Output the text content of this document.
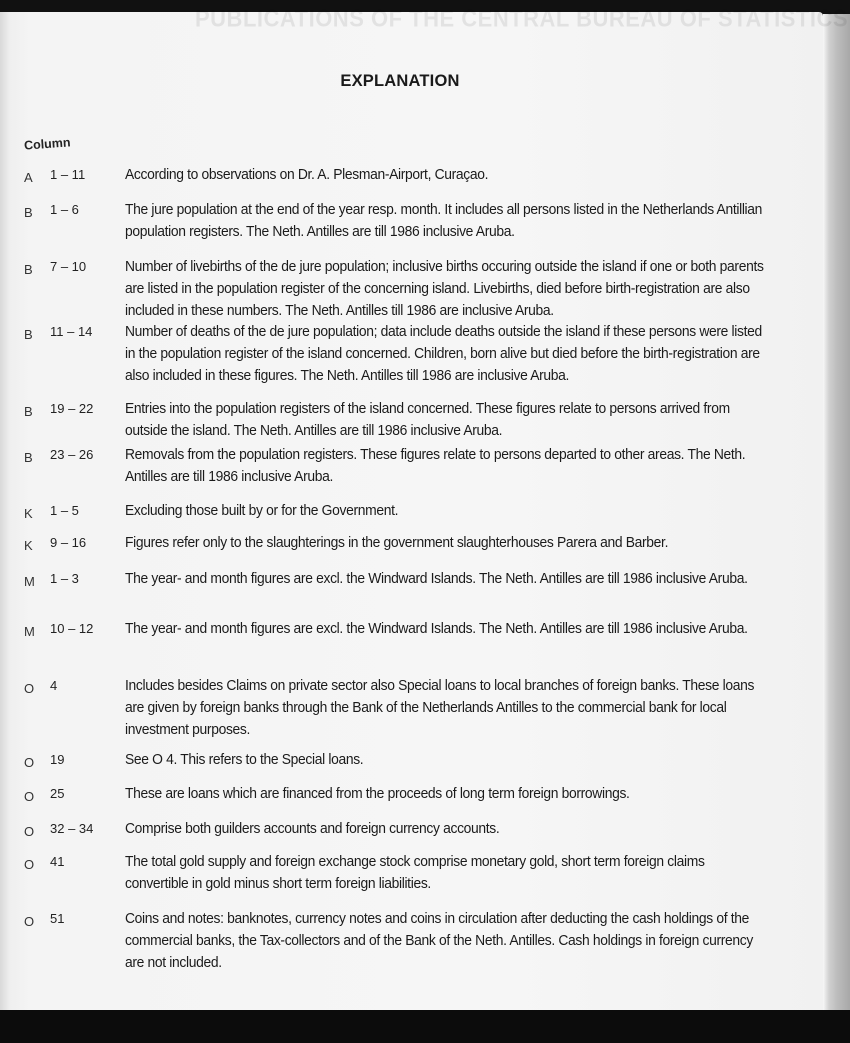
PUBLICATIONS OF THE CENTRAL BUREAU OF STATISTICS
EXPLANATION
Column
A 1 – 11	According to observations on Dr. A. Plesman-Airport, Curaçao.
B 1 – 6	The jure population at the end of the year resp. month. It includes all persons listed in the Netherlands Antillian population registers. The Neth. Antilles are till 1986 inclusive Aruba.
B 7 – 10	Number of livebirths of the de jure population; inclusive births occuring outside the island if one or both parents are listed in the population register of the concerning island. Livebirths, died before birth-registration are also included in these numbers. The Neth. Antilles till 1986 are inclusive Aruba.
B 11 – 14 Number of deaths of the de jure population; data include deaths outside the island if these persons were listed in the population register of the island concerned. Children, born alive but died before the birth-registration are also included in these figures. The Neth. Antilles till 1986 are inclusive Aruba.
B 19 – 22 Entries into the population registers of the island concerned. These figures relate to persons arrived from outside the island. The Neth. Antilles are till 1986 inclusive Aruba.
B 23 – 26 Removals from the population registers. These figures relate to persons departed to other areas. The Neth. Antilles are till 1986 inclusive Aruba.
K 1 – 5	Excluding those built by or for the Government.
K 9 – 16	Figures refer only to the slaughterings in the government slaughterhouses Parera and Barber.
M 1 – 3	The year- and month figures are excl. the Windward Islands. The Neth. Antilles are till 1986 inclusive Aruba.
M 10 – 12 The year- and month figures are excl. the Windward Islands. The Neth. Antilles are till 1986 inclusive Aruba.
O 4	Includes besides Claims on private sector also Special loans to local branches of foreign banks. These loans are given by foreign banks through the Bank of the Netherlands Antilles to the commercial bank for local investment purposes.
O 19	See O 4. This refers to the Special loans.
O 25	These are loans which are financed from the proceeds of long term foreign borrowings.
O 32 – 34 Comprise both guilders accounts and foreign currency accounts.
O 41	The total gold supply and foreign exchange stock comprise monetary gold, short term foreign claims convertible in gold minus short term foreign liabilities.
O 51	Coins and notes: banknotes, currency notes and coins in circulation after deducting the cash holdings of the commercial banks, the Tax-collectors and of the Bank of the Neth. Antilles. Cash holdings in foreign currency are not included.
